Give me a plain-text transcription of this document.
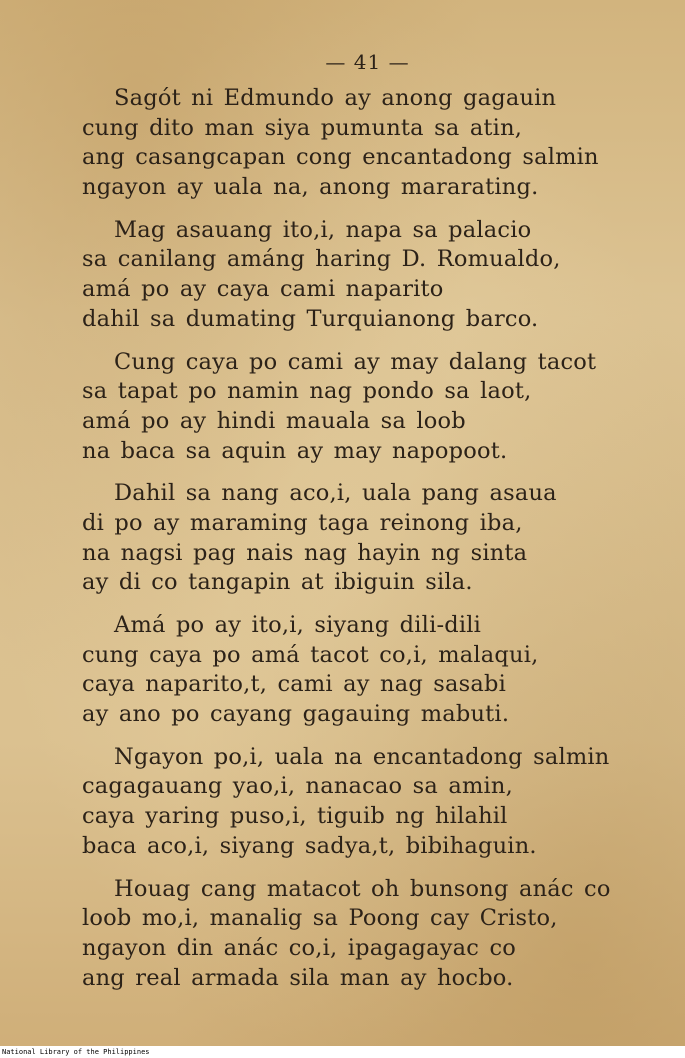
— 41 —
Sagót ni Edmundo ay anong gagauin
cung dito man siya pumunta sa atin,
ang casangcapan cong encantadong salmin
ngayon ay uala na, anong mararating.
Mag asauang ito,i, napa sa palacio
sa canilang amáng haring D. Romualdo,
amá po ay caya cami naparito
dahil sa dumating Turquianong barco.
Cung caya po cami ay may dalang tacot
sa tapat po namin nag pondo sa laot,
amá po ay hindi mauala sa loob
na baca sa aquin ay may napopoot.
Dahil sa nang aco,i, uala pang asaua
di po ay maraming taga reinong iba,
na nagsi pag nais nag hayin ng sinta
ay di co tangapin at ibiguin sila.
Amá po ay ito,i, siyang dili-dili
cung caya po amá tacot co,i, malaqui,
caya naparito,t, cami ay nag sasabi
ay ano po cayang gagauing mabuti.
Ngayon po,i, uala na encantadong salmin
cagagauang yao,i, nanacao sa amin,
caya yaring puso,i, tiguib ng hilahil
baca aco,i, siyang sadya,t, bibihaguin.
Houag cang matacot oh bunsong anác co
loob mo,i, manalig sa Poong cay Cristo,
ngayon din anác co,i, ipagagayac co
ang real armada sila man ay hocbo.
National Library of the Philippines
